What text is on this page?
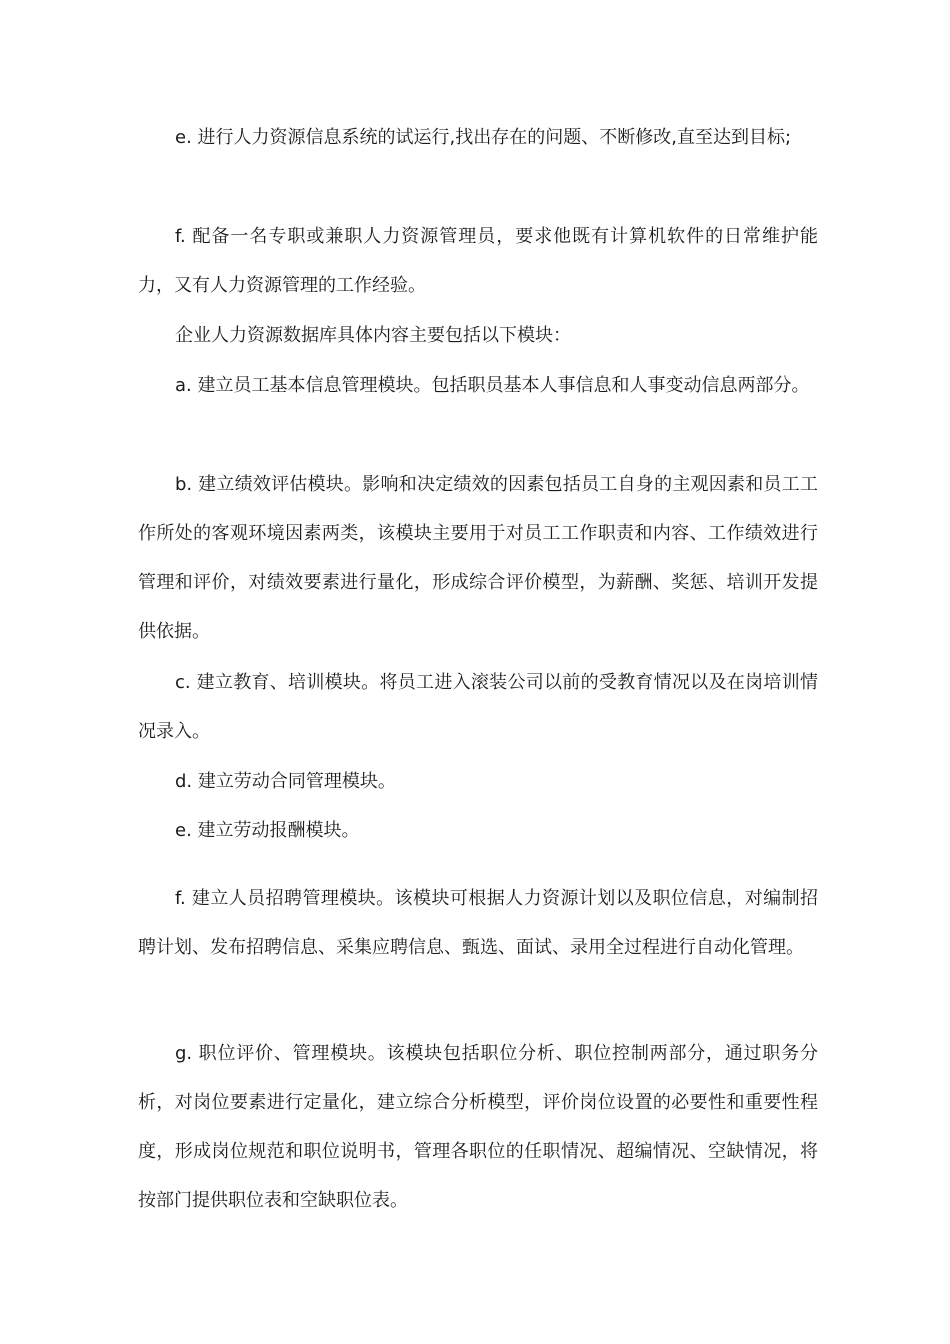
e. 进行人力资源信息系统的试运行,找出存在的问题、不断修改,直至达到目标;

f. 配备一名专职或兼职人力资源管理员，要求他既有计算机软件的日常维护能力，又有人力资源管理的工作经验。

企业人力资源数据库具体内容主要包括以下模块：

a. 建立员工基本信息管理模块。包括职员基本人事信息和人事变动信息两部分。

b. 建立绩效评估模块。影响和决定绩效的因素包括员工自身的主观因素和员工工作所处的客观环境因素两类，该模块主要用于对员工工作职责和内容、工作绩效进行管理和评价，对绩效要素进行量化，形成综合评价模型，为薪酬、奖惩、培训开发提供依据。

c. 建立教育、培训模块。将员工进入滚装公司以前的受教育情况以及在岗培训情况录入。

d. 建立劳动合同管理模块。

e. 建立劳动报酬模块。

f. 建立人员招聘管理模块。该模块可根据人力资源计划以及职位信息，对编制招聘计划、发布招聘信息、采集应聘信息、甄选、面试、录用全过程进行自动化管理。

g. 职位评价、管理模块。该模块包括职位分析、职位控制两部分，通过职务分析，对岗位要素进行定量化，建立综合分析模型，评价岗位设置的必要性和重要性程度，形成岗位规范和职位说明书，管理各职位的任职情况、超编情况、空缺情况，将按部门提供职位表和空缺职位表。
